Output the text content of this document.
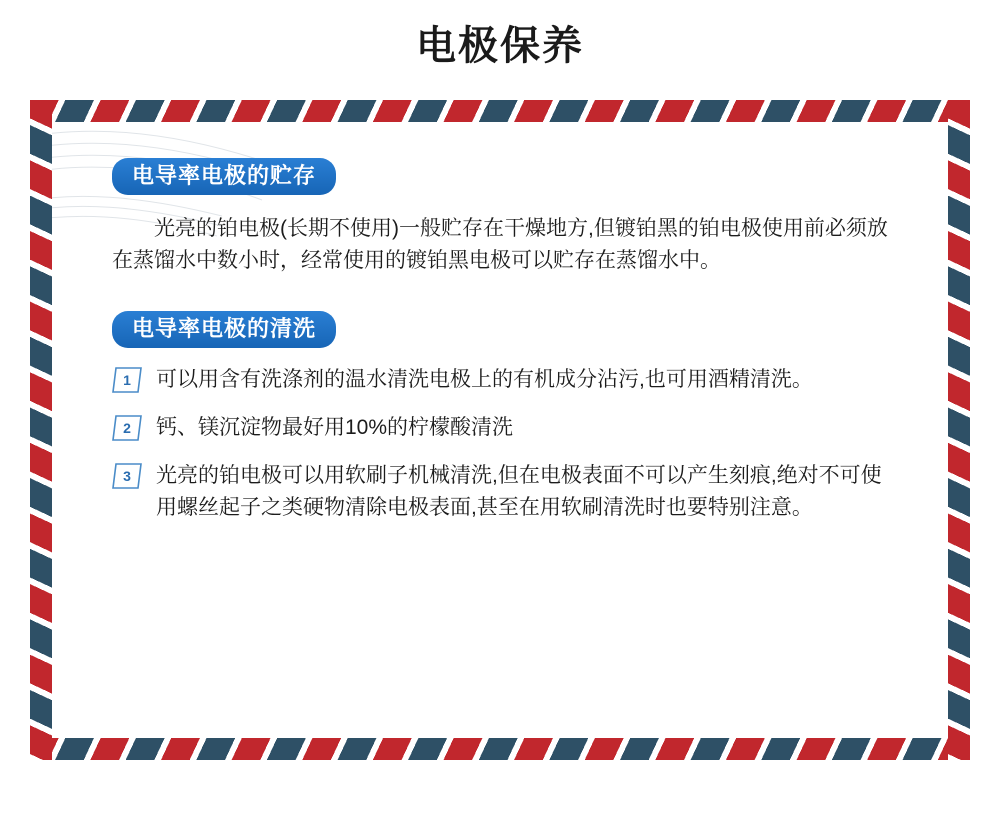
电极保养
电导率电极的贮存
光亮的铂电极(长期不使用)一般贮存在干燥地方,但镀铂黑的铂电极使用前必须放在蒸馏水中数小时，经常使用的镀铂黑电极可以贮存在蒸馏水中。
电导率电极的清洗
1	可以用含有洗涤剂的温水清洗电极上的有机成分沾污,也可用酒精清洗。
2	钙、镁沉淀物最好用10%的柠檬酸清洗
3	光亮的铂电极可以用软刷子机械清洗,但在电极表面不可以产生刻痕,绝对不可使用螺丝起子之类硬物清除电极表面,甚至在用软刷清洗时也要特别注意。
